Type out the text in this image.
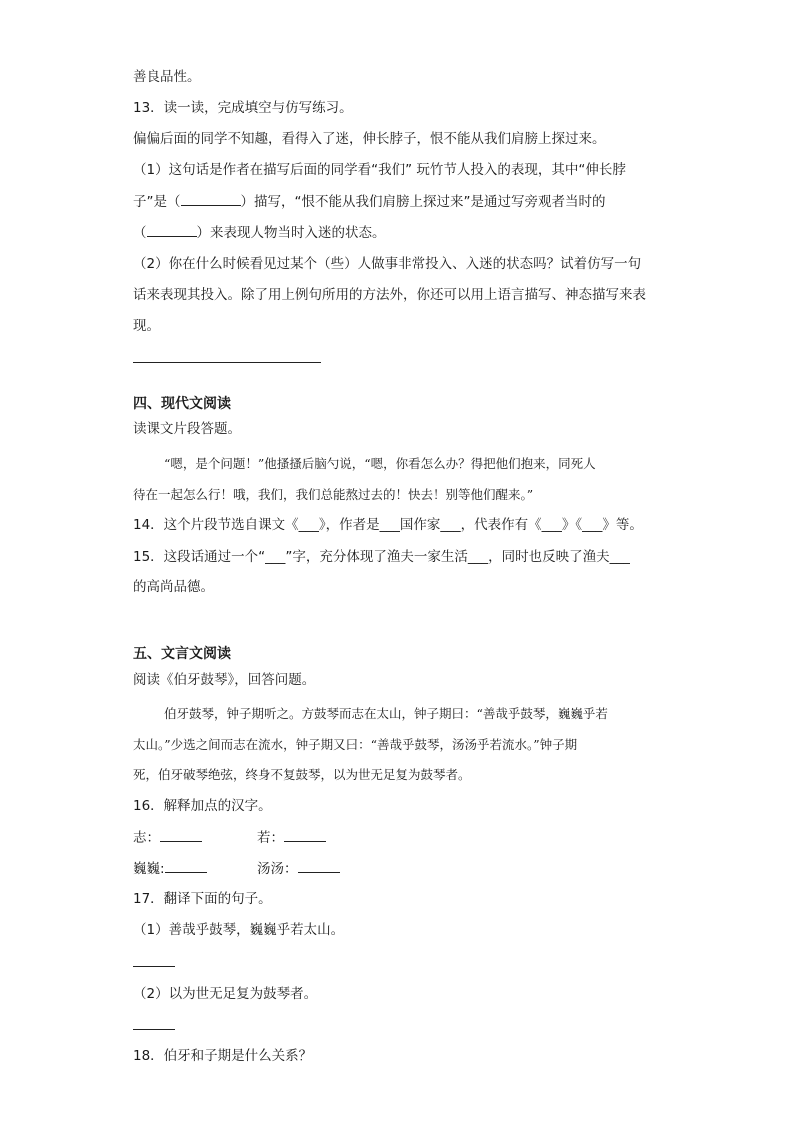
善良品性。
13．读一读，完成填空与仿写练习。
偏偏后面的同学不知趣，看得入了迷，伸长脖子，恨不能从我们肩膀上探过来。
（1）这句话是作者在描写后面的同学看“我们” 玩竹节人投入的表现，其中“伸长脖
子”是（	）描写，“恨不能从我们肩膀上探过来”是通过写旁观者当时的
（	）来表现人物当时入迷的状态。
（2）你在什么时候看见过某个（些）人做事非常投入、入迷的状态吗？试着仿写一句
话来表现其投入。除了用上例句所用的方法外，你还可以用上语言描写、神态描写来表
现。
四、现代文阅读
读课文片段答题。
“嗯，是个问题！”他搔搔后脑勺说，“嗯，你看怎么办？得把他们抱来，同死人
待在一起怎么行！哦，我们，我们总能熬过去的！快去！别等他们醒来。”
14．这个片段节选自课文《___》，作者是___国作家___，代表作有《___》《___》等。
15．这段话通过一个“___”字，充分体现了渔夫一家生活___，同时也反映了渔夫___
的高尚品德。
五、文言文阅读
阅读《伯牙鼓琴》，回答问题。
伯牙鼓琴，钟子期听之。方鼓琴而志在太山，钟子期曰：“善哉乎鼓琴，巍巍乎若
太山。”少选之间而志在流水，钟子期又曰：“善哉乎鼓琴，汤汤乎若流水。”钟子期
死，伯牙破琴绝弦，终身不复鼓琴，以为世无足复为鼓琴者。
16．解释加点的汉字。
志：	若：
巍巍:	汤汤：
17．翻译下面的句子。
（1）善哉乎鼓琴，巍巍乎若太山。
（2）以为世无足复为鼓琴者。
18．伯牙和子期是什么关系？
